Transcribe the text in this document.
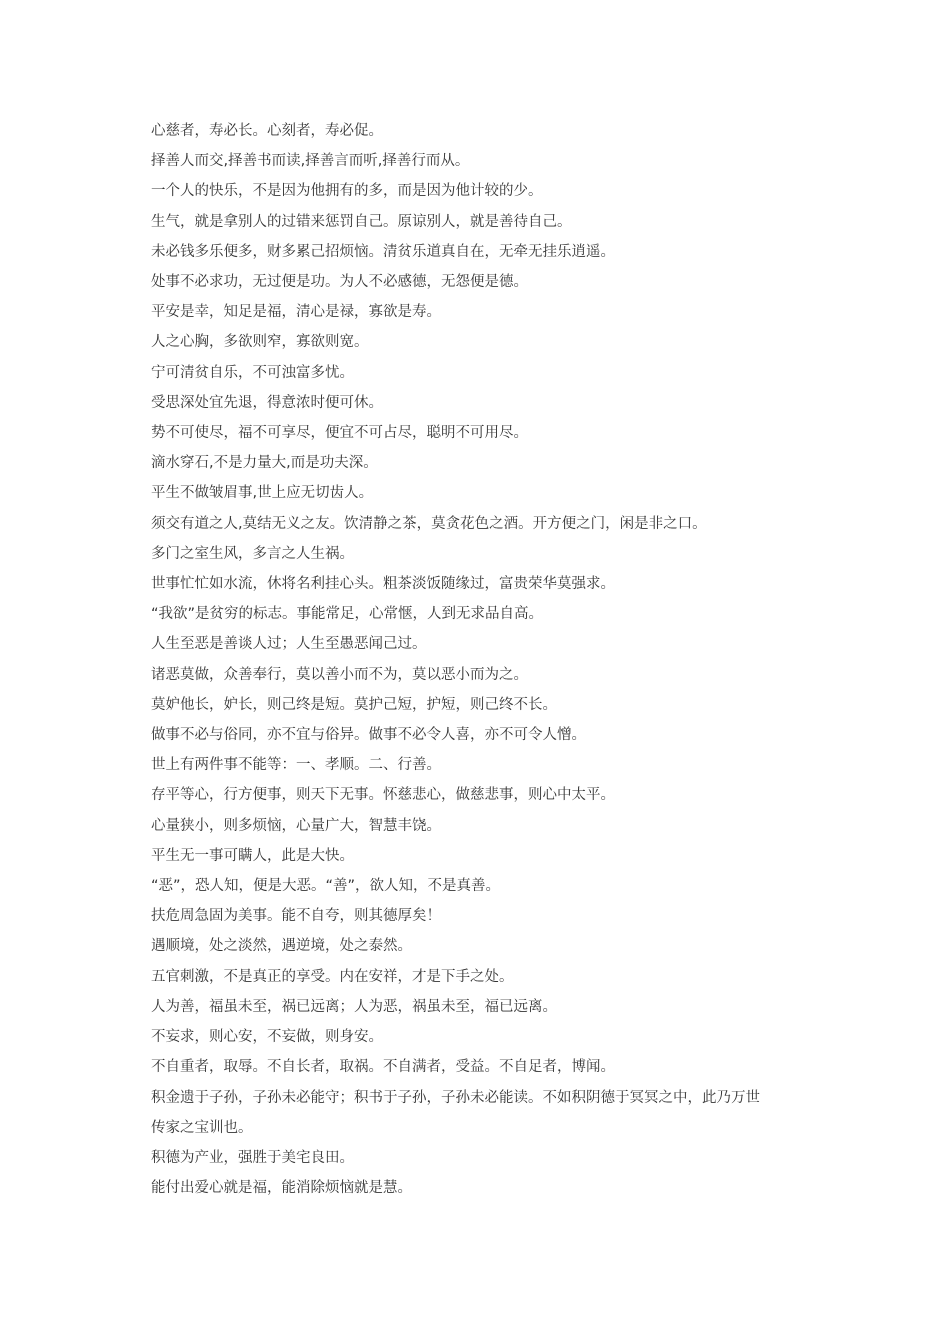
心慈者，寿必长。心刻者，寿必促。
择善人而交,择善书而读,择善言而听,择善行而从。
一个人的快乐，不是因为他拥有的多，而是因为他计较的少。
生气，就是拿别人的过错来惩罚自己。原谅别人，就是善待自己。
未必钱多乐便多，财多累己招烦恼。清贫乐道真自在，无牵无挂乐逍遥。
处事不必求功，无过便是功。为人不必感德，无怨便是德。
平安是幸，知足是福，清心是禄，寡欲是寿。
人之心胸，多欲则窄，寡欲则宽。
宁可清贫自乐，不可浊富多忧。
受思深处宜先退，得意浓时便可休。
势不可使尽，福不可享尽，便宜不可占尽，聪明不可用尽。
滴水穿石,不是力量大,而是功夫深。
平生不做皱眉事,世上应无切齿人。
须交有道之人,莫结无义之友。饮清静之茶，莫贪花色之酒。开方便之门，闲是非之口。
多门之室生风，多言之人生祸。
世事忙忙如水流，休将名利挂心头。粗茶淡饭随缘过，富贵荣华莫强求。
“我欲”是贫穷的标志。事能常足，心常惬，人到无求品自高。
人生至恶是善谈人过；人生至愚恶闻己过。
诸恶莫做，众善奉行，莫以善小而不为，莫以恶小而为之。
莫妒他长，妒长，则己终是短。莫护己短，护短，则己终不长。
做事不必与俗同，亦不宜与俗异。做事不必令人喜，亦不可令人憎。
世上有两件事不能等：一、孝顺。二、行善。
存平等心，行方便事，则天下无事。怀慈悲心，做慈悲事，则心中太平。
心量狭小，则多烦恼，心量广大，智慧丰饶。
平生无一事可瞒人，此是大快。
“恶”，恐人知，便是大恶。“善”，欲人知，不是真善。
扶危周急固为美事。能不自夸，则其德厚矣！
遇顺境，处之淡然，遇逆境，处之泰然。
五官刺激，不是真正的享受。内在安祥，才是下手之处。
人为善，福虽未至，祸已远离；人为恶，祸虽未至，福已远离。
不妄求，则心安，不妄做，则身安。
不自重者，取辱。不自长者，取祸。不自满者，受益。不自足者，博闻。
积金遗于子孙，子孙未必能守；积书于子孙，子孙未必能读。不如积阴德于冥冥之中，此乃万世
传家之宝训也。
积德为产业，强胜于美宅良田。
能付出爱心就是福，能消除烦恼就是慧。
